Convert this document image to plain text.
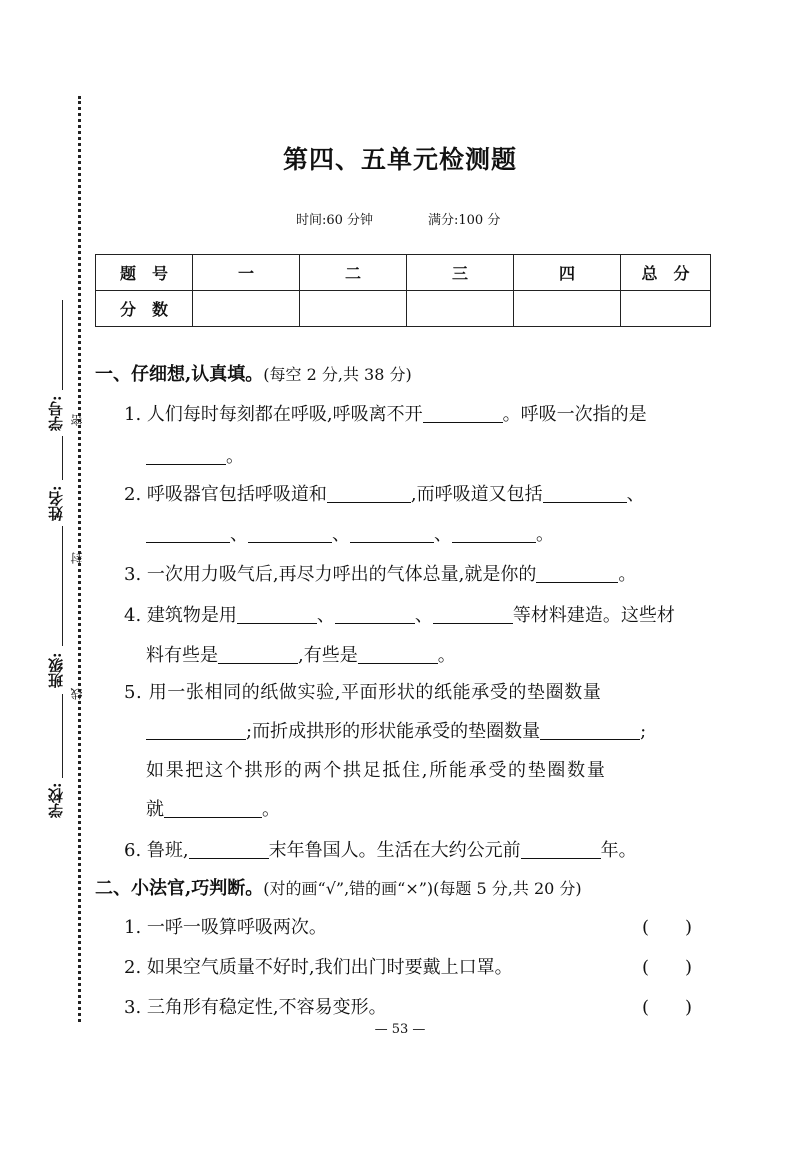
学校:
班级:
姓名:
学号:
线
封
密
第四、五单元检测题
时间:60 分钟	满分:100 分
题　号	一	二	三	四	总　分
分　数					
一、仔细想,认真填。(每空 2 分,共 38 分)
1. 人们每时每刻都在呼吸,呼吸离不开	。呼吸一次指的是
。
2. 呼吸器官包括呼吸道和	,而呼吸道又包括	、
、	、	、	。
3. 一次用力吸气后,再尽力呼出的气体总量,就是你的	。
4. 建筑物是用	、	、	等材料建造。这些材
料有些是	,有些是	。
5. 用一张相同的纸做实验,平面形状的纸能承受的垫圈数量
;而折成拱形的形状能承受的垫圈数量	;
如果把这个拱形的两个拱足抵住,所能承受的垫圈数量
就	。
6. 鲁班,	末年鲁国人。生活在大约公元前	年。
二、小法官,巧判断。(对的画“√”,错的画“×”)(每题 5 分,共 20 分)
1. 一呼一吸算呼吸两次。	(　　)
2. 如果空气质量不好时,我们出门时要戴上口罩。	(　　)
3. 三角形有稳定性,不容易变形。	(　　)
— 53 —
